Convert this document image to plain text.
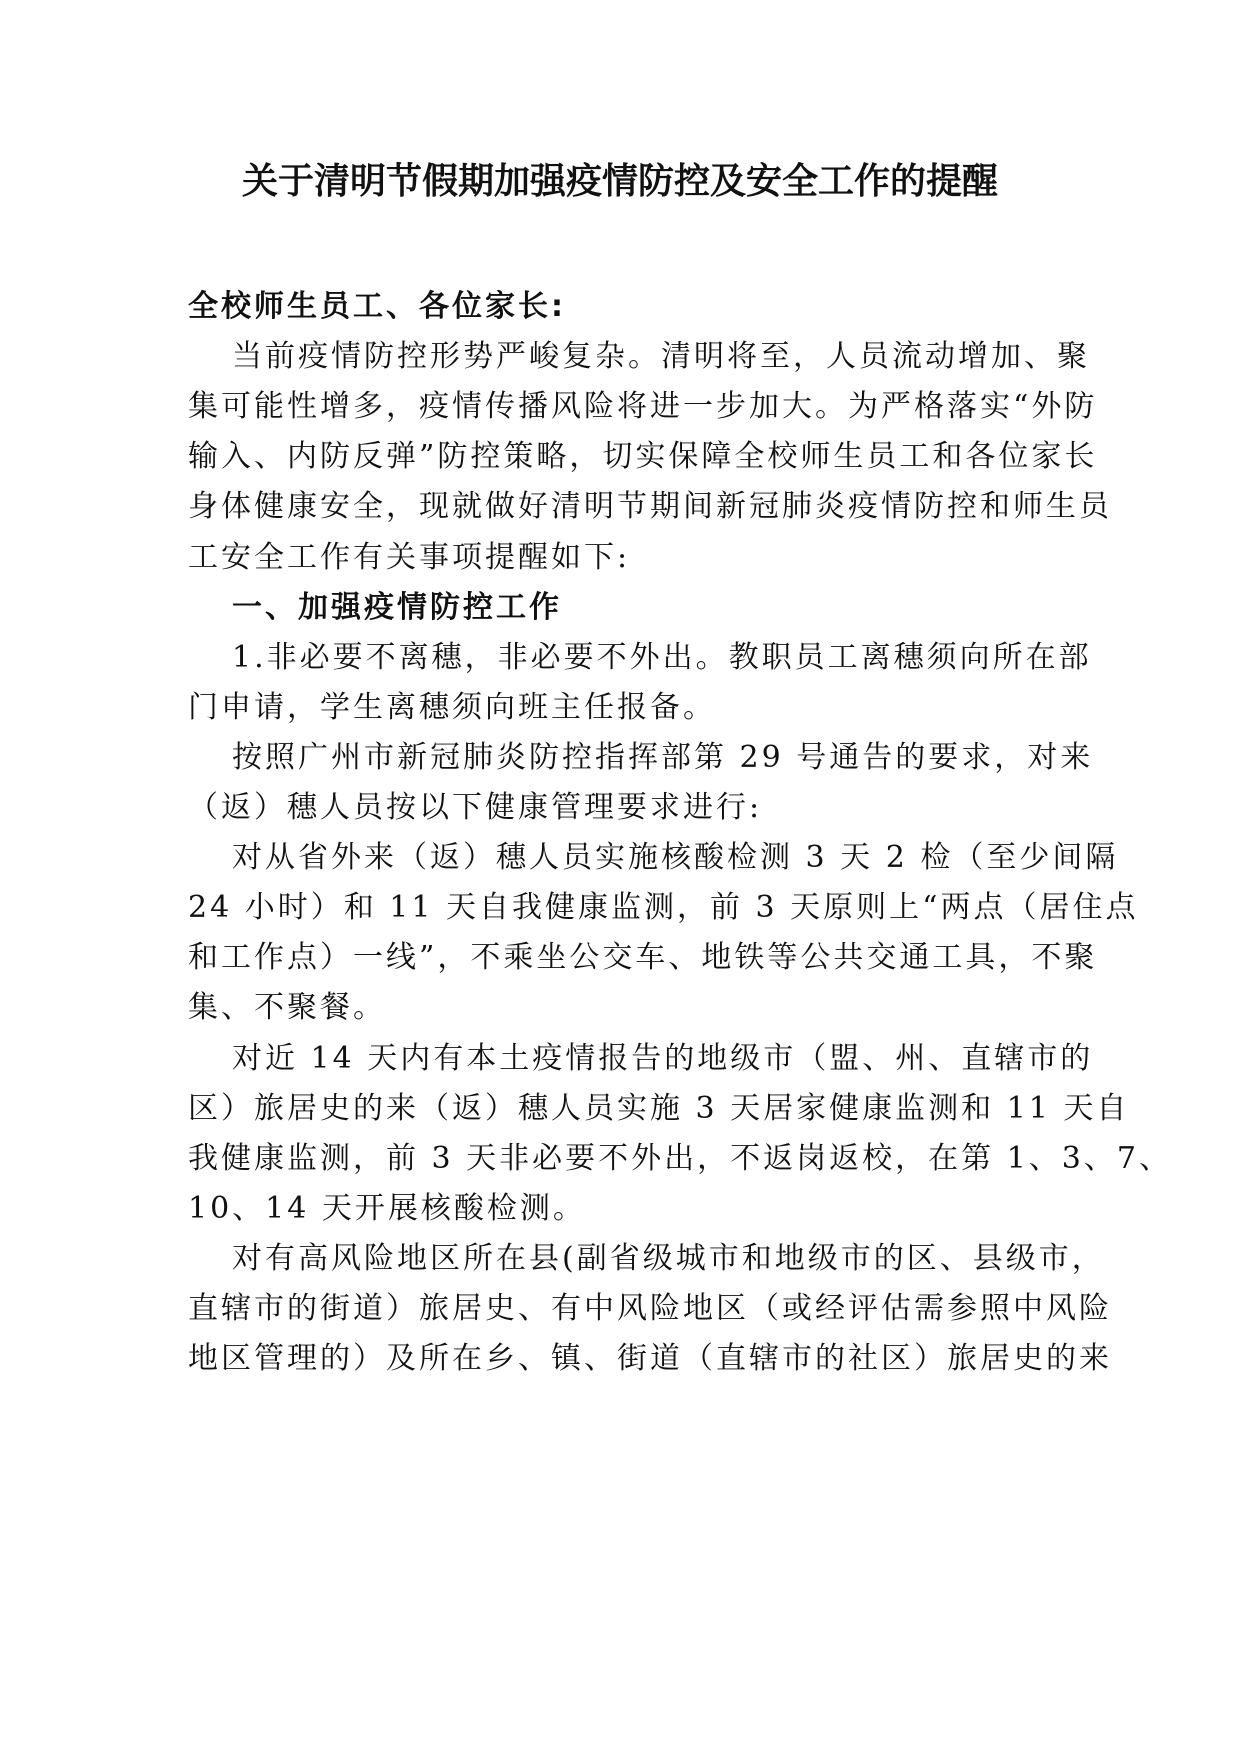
关于清明节假期加强疫情防控及安全工作的提醒
全校师生员工、各位家长:
当前疫情防控形势严峻复杂。清明将至，人员流动增加、聚
集可能性增多，疫情传播风险将进一步加大。为严格落实“外防
输入、内防反弹”防控策略，切实保障全校师生员工和各位家长
身体健康安全，现就做好清明节期间新冠肺炎疫情防控和师生员
工安全工作有关事项提醒如下:
一、加强疫情防控工作
1.非必要不离穗，非必要不外出。教职员工离穗须向所在部
门申请，学生离穗须向班主任报备。
按照广州市新冠肺炎防控指挥部第 29 号通告的要求，对来
（返）穗人员按以下健康管理要求进行:
对从省外来（返）穗人员实施核酸检测 3 天 2 检（至少间隔
24 小时）和 11 天自我健康监测，前 3 天原则上“两点（居住点
和工作点）一线”，不乘坐公交车、地铁等公共交通工具，不聚
集、不聚餐。
对近 14 天内有本土疫情报告的地级市（盟、州、直辖市的
区）旅居史的来（返）穗人员实施 3 天居家健康监测和 11 天自
我健康监测，前 3 天非必要不外出，不返岗返校，在第 1、3、7、
10、14 天开展核酸检测。
对有高风险地区所在县(副省级城市和地级市的区、县级市，
直辖市的街道）旅居史、有中风险地区（或经评估需参照中风险
地区管理的）及所在乡、镇、街道（直辖市的社区）旅居史的来
